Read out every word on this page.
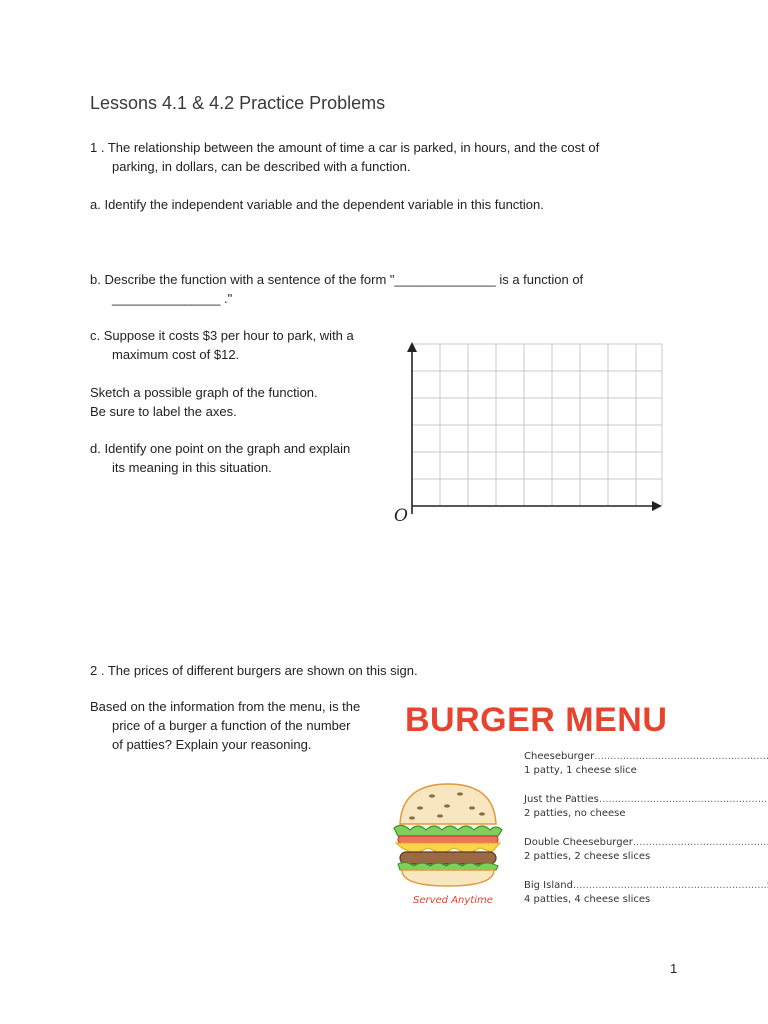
Lessons 4.1 & 4.2 Practice Problems
1 . The relationship between the amount of time a car is parked, in hours, and the cost of
parking, in dollars, can be described with a function.
a. Identify the independent variable and the dependent variable in this function.
b. Describe the function with a sentence of the form "______________ is a function of
_______________ ."
c. Suppose it costs $3 per hour to park, with a
maximum cost of $12.
Sketch a possible graph of the function.
Be sure to label the axes.
d. Identify one point on the graph and explain
its meaning in this situation.
O
2 . The prices of different burgers are shown on this sign.
Based on the information from the menu, is the
price of a burger a function of the number
of patties? Explain your reasoning.
BURGER MENU
Cheeseburger
.....
1 patty, 1 cheese slice
Just the Patties
.....
2 patties, no cheese
Double Cheeseburger
.....
2 patties, 2 cheese slices
Big Island
.....
4 patties, 4 cheese slices
Served Anytime
1
